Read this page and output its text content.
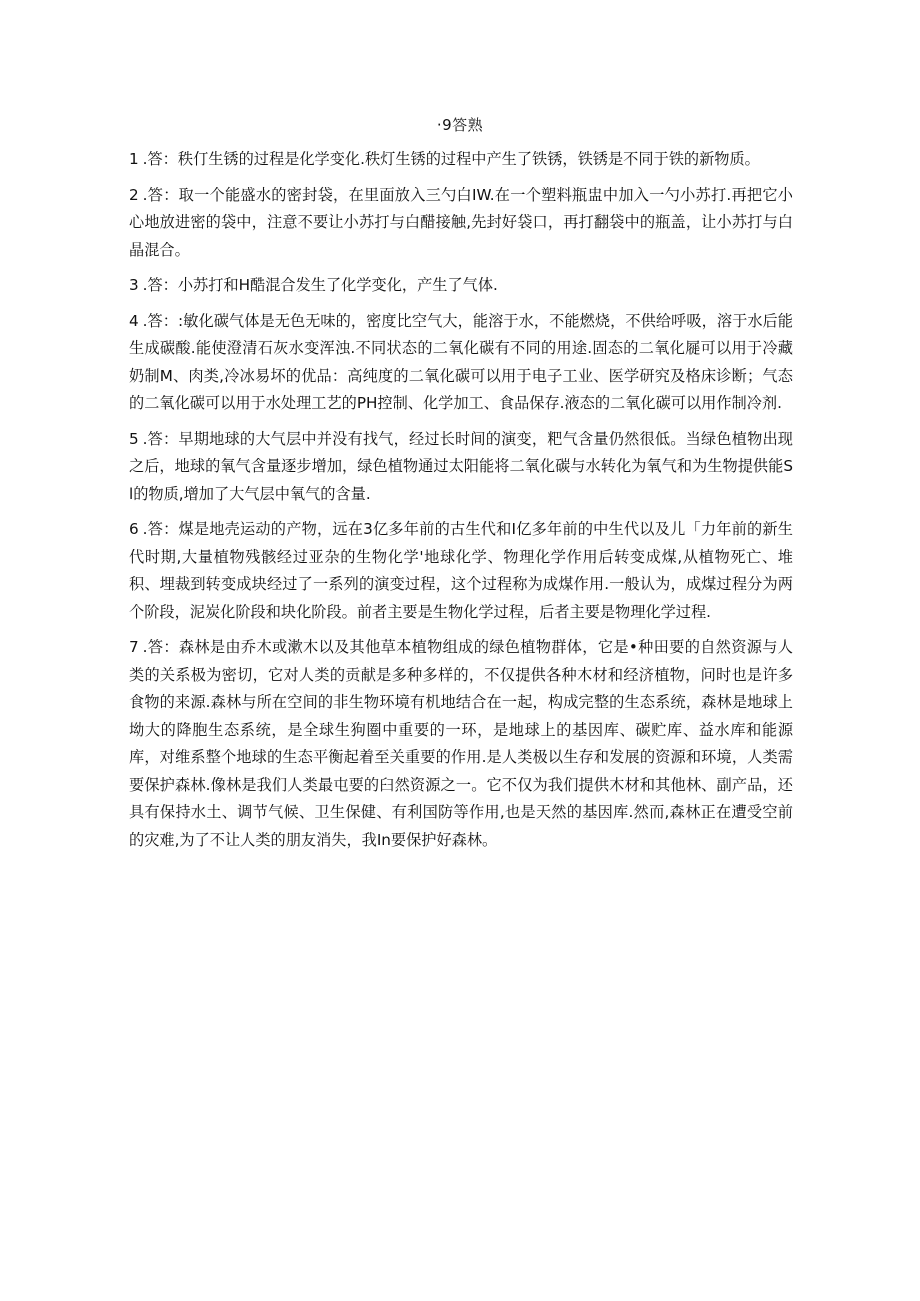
·9答熟
1 .答：秩仃生锈的过程是化学变化.秩灯生锈的过程中产生了铁锈，铁锈是不同于铁的新物质。
2 .答：取一个能盛水的密封袋，在里面放入三勺白IW.在一个塑料瓶盅中加入一勺小苏打.再把它小心地放进密的袋中，注意不要让小苏打与白醋接触,先封好袋口，再打翻袋中的瓶盖，让小苏打与白晶混合。
3 .答：小苏打和H酷混合发生了化学变化，产生了气体.
4 .答：:敏化碳气体是无色无味的，密度比空气大，能溶于水，不能燃烧，不供给呼吸，溶于水后能生成碳酸.能使澄清石灰水变浑浊.不同状态的二氧化碳有不同的用途.固态的二氧化屣可以用于冷藏奶制M、肉类,冷冰易坏的优品：高纯度的二氧化碳可以用于电子工业、医学研究及格床诊断；气态的二氧化碳可以用于水处理工艺的PH控制、化学加工、食品保存.液态的二氧化碳可以用作制冷剂.
5 .答：早期地球的大气层中并没有找气，经过长时间的演变，粑气含量仍然很低。当绿色植物出现之后，地球的氧气含量逐步增加，绿色植物通过太阳能将二氧化碳与水转化为氧气和为生物提供能Sl的物质,增加了大气层中氧气的含量.
6 .答：煤是地壳运动的产物，远在3亿多年前的古生代和I亿多年前的中生代以及儿「力年前的新生代时期,大量植物残骸经过亚杂的生物化学'地球化学、物理化学作用后转变成煤,从植物死亡、堆积、埋裁到转变成块经过了一系列的演变过程，这个过程称为成煤作用.一般认为，成煤过程分为两个阶段，泥炭化阶段和块化阶段。前者主要是生物化学过程，后者主要是物理化学过程.
7 .答：森林是由乔木或漱木以及其他草本植物组成的绿色植物群体，它是•种田要的自然资源与人类的关系极为密切，它对人类的贡献是多种多样的，不仅提供各种木材和经济植物，问时也是许多食物的来源.森林与所在空间的非生物环境有机地结合在一起，构成完整的生态系统，森林是地球上坳大的降胞生态系统，是全球生狗圈中重要的一环，是地球上的基因库、碳贮库、益水库和能源库，对维系整个地球的生态平衡起着至关重要的作用.是人类极以生存和发展的资源和环境，人类需要保护森林.像林是我们人类最屯要的臼然资源之一。它不仅为我们提供木材和其他林、副产品，还具有保持水土、调节气候、卫生保健、有利国防等作用,也是天然的基因库.然而,森林正在遭受空前的灾难,为了不让人类的朋友消失，我In要保护好森林。
